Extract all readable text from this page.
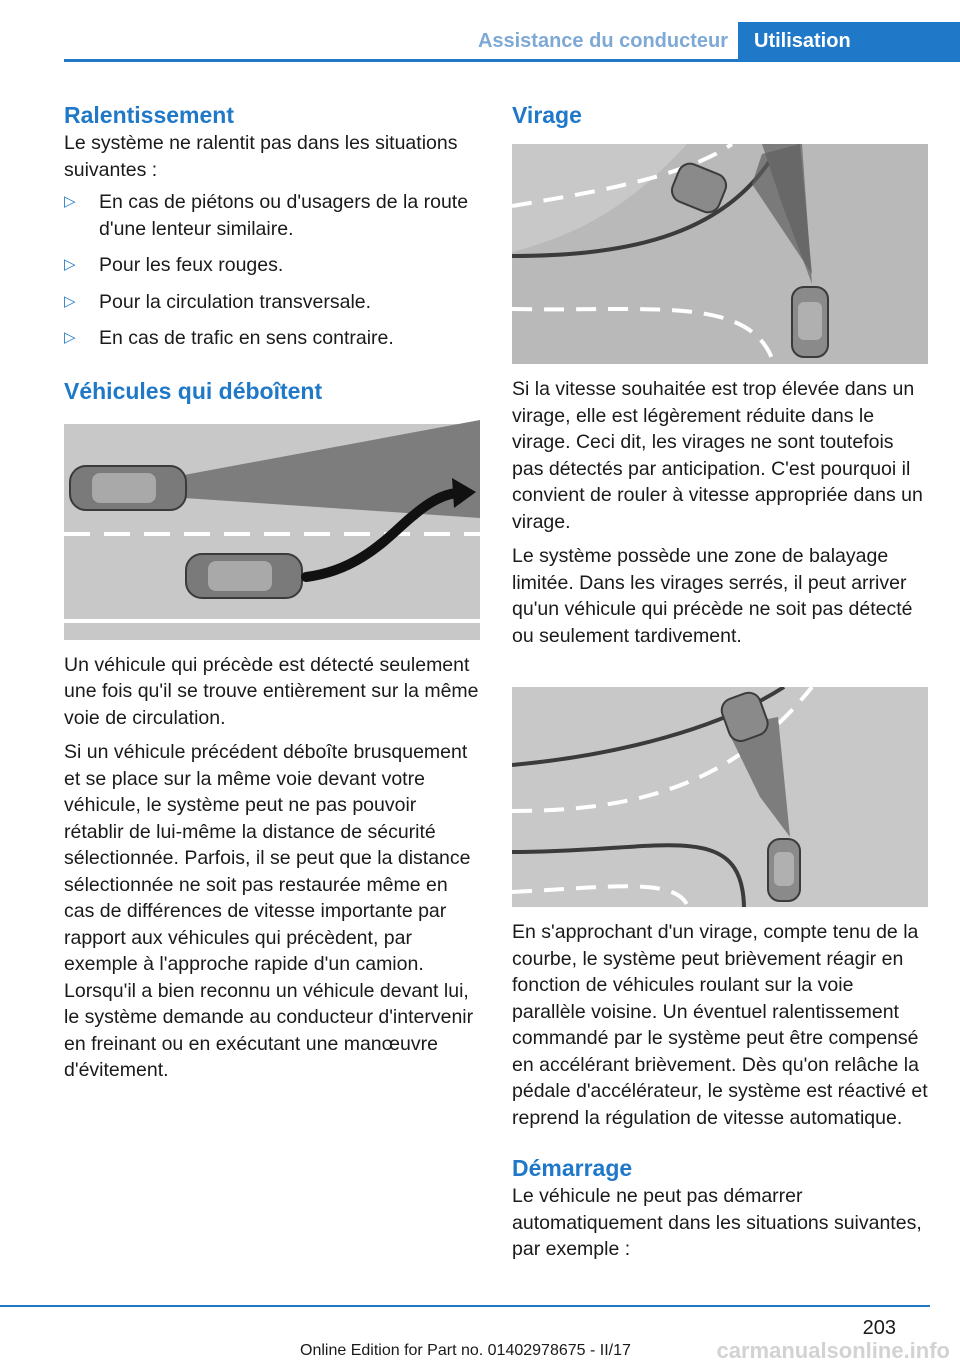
Assistance du conducteur	Utilisation
Ralentissement

Le système ne ralentit pas dans les situations suivantes :

▷ En cas de piétons ou d'usagers de la route d'une lenteur similaire.
▷ Pour les feux rouges.
▷ Pour la circulation transversale.
▷ En cas de trafic en sens contraire.
Véhicules qui déboîtent

Un véhicule qui précède est détecté seulement une fois qu'il se trouve entièrement sur la même voie de circulation.

Si un véhicule précédent déboîte brusquement et se place sur la même voie devant votre véhicule, le système peut ne pas pouvoir rétablir de lui-même la distance de sécurité sélectionnée. Parfois, il se peut que la distance sélectionnée ne soit pas restaurée même en cas de différences de vitesse importante par rapport aux véhicules qui précèdent, par exemple à l'approche rapide d'un camion. Lorsqu'il a bien reconnu un véhicule devant lui, le système demande au conducteur d'intervenir en freinant ou en exécutant une manœuvre d'évitement.

Virage

Si la vitesse souhaitée est trop élevée dans un virage, elle est légèrement réduite dans le virage. Ceci dit, les virages ne sont toutefois pas détectés par anticipation. C'est pourquoi il convient de rouler à vitesse appropriée dans un virage.

Le système possède une zone de balayage limitée. Dans les virages serrés, il peut arriver qu'un véhicule qui précède ne soit pas détecté ou seulement tardivement.

En s'approchant d'un virage, compte tenu de la courbe, le système peut brièvement réagir en fonction de véhicules roulant sur la voie parallèle voisine. Un éventuel ralentissement commandé par le système peut être compensé en accélérant brièvement. Dès qu'on relâche la pédale d'accélérateur, le système est réactivé et reprend la régulation de vitesse automatique.

Démarrage

Le véhicule ne peut pas démarrer automatiquement dans les situations suivantes, par exemple :

203
Online Edition for Part no. 01402978675 - II/17	carmanualsonline.info
